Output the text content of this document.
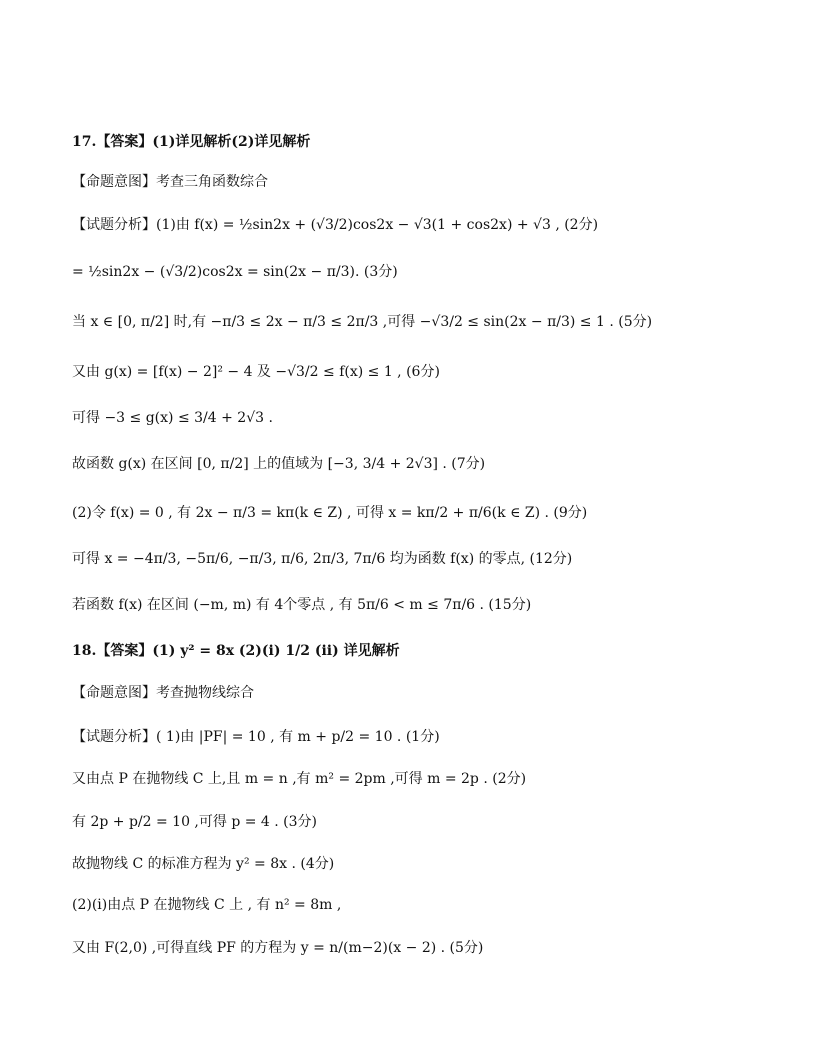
17.【答案】(1)详见解析(2)详见解析
【命题意图】考查三角函数综合
【试题分析】(1)由 f(x) = ½sin2x + (√3/2)cos2x − √3(1 + cos2x) + √3 , (2分)
= ½sin2x − (√3/2)cos2x = sin(2x − π/3). (3分)
当 x ∈ [0, π/2] 时,有 −π/3 ≤ 2x − π/3 ≤ 2π/3 ,可得 −√3/2 ≤ sin(2x − π/3) ≤ 1 . (5分)
又由 g(x) = [f(x) − 2]² − 4 及 −√3/2 ≤ f(x) ≤ 1 , (6分)
可得 −3 ≤ g(x) ≤ 3/4 + 2√3 .
故函数 g(x) 在区间 [0, π/2] 上的值域为 [−3, 3/4 + 2√3] . (7分)
(2)令 f(x) = 0 , 有 2x − π/3 = kπ(k ∈ Z) , 可得 x = kπ/2 + π/6(k ∈ Z) . (9分)
可得 x = −4π/3, −5π/6, −π/3, π/6, 2π/3, 7π/6 均为函数 f(x) 的零点, (12分)
若函数 f(x) 在区间 (−m, m) 有 4个零点 , 有 5π/6 < m ≤ 7π/6 . (15分)
18.【答案】(1) y² = 8x (2)(i) 1/2 (ii) 详见解析
【命题意图】考查抛物线综合
【试题分析】( 1)由 |PF| = 10 , 有 m + p/2 = 10 . (1分)
又由点 P 在抛物线 C 上,且 m = n ,有 m² = 2pm ,可得 m = 2p . (2分)
有 2p + p/2 = 10 ,可得 p = 4 . (3分)
故抛物线 C 的标准方程为 y² = 8x . (4分)
(2)(i)由点 P 在抛物线 C 上 , 有 n² = 8m ,
又由 F(2,0) ,可得直线 PF 的方程为 y = n/(m−2)(x − 2) . (5分)
